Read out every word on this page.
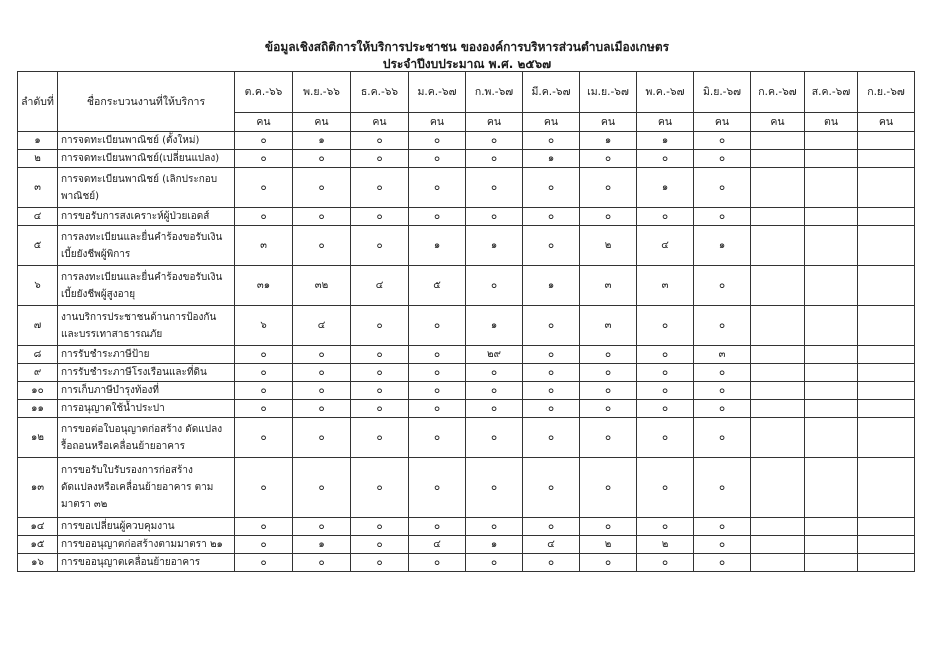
ข้อมูลเชิงสถิติการให้บริการประชาชน ขององค์การบริหารส่วนตำบลเมืองเกษตร
ประจำปีงบประมาณ พ.ศ. ๒๕๖๗
ลำดับที่	ชื่อกระบวนงานที่ให้บริการ	ต.ค.-๖๖	พ.ย.-๖๖	ธ.ค.-๖๖	ม.ค.-๖๗	ก.พ.-๖๗	มี.ค.-๖๗	เม.ย.-๖๗	พ.ค.-๖๗	มิ.ย.-๖๗	ก.ค.-๖๗	ส.ค.-๖๗	ก.ย.-๖๗
		คน	คน	คน	คน	คน	คน	คน	คน	คน	คน	ตน	คน
๑	การจดทะเบียนพาณิชย์ (ตั้งใหม่)	๐	๑	๐	๐	๐	๐	๑	๑	๐			
๒	การจดทะเบียนพาณิชย์(เปลี่ยนแปลง)	๐	๐	๐	๐	๐	๑	๐	๐	๐			
๓	การจดทะเบียนพาณิชย์ (เลิกประกอบพาณิชย์)	๐	๐	๐	๐	๐	๐	๐	๑	๐			
๔	การขอรับการสงเคราะห์ผู้ป่วยเอดส์	๐	๐	๐	๐	๐	๐	๐	๐	๐			
๕	การลงทะเบียนและยื่นคำร้องขอรับเงินเบี้ยยังชีพผู้พิการ	๓	๐	๐	๑	๑	๐	๒	๔	๑			
๖	การลงทะเบียนและยื่นคำร้องขอรับเงินเบี้ยยังชีพผู้สูงอายุ	๓๑	๓๒	๔	๕	๐	๑	๓	๓	๐			
๗	งานบริการประชาชนด้านการป้องกันและบรรเทาสาธารณภัย	๖	๔	๐	๐	๑	๐	๓	๐	๐			
๘	การรับชำระภาษีป้าย	๐	๐	๐	๐	๒๙	๐	๐	๐	๓			
๙	การรับชำระภาษีโรงเรือนและที่ดิน	๐	๐	๐	๐	๐	๐	๐	๐	๐			
๑๐	การเก็บภาษีบำรุงท้องที่	๐	๐	๐	๐	๐	๐	๐	๐	๐			
๑๑	การอนุญาตใช้น้ำประปา	๐	๐	๐	๐	๐	๐	๐	๐	๐			
๑๒	การขอต่อใบอนุญาตก่อสร้าง ดัดแปลง รื้อถอนหรือเคลื่อนย้ายอาคาร	๐	๐	๐	๐	๐	๐	๐	๐	๐			
๑๓	การขอรับใบรับรองการก่อสร้าง ดัดแปลงหรือเคลื่อนย้ายอาคาร ตามมาตรา ๓๒	๐	๐	๐	๐	๐	๐	๐	๐	๐			
๑๔	การขอเปลี่ยนผู้ควบคุมงาน	๐	๐	๐	๐	๐	๐	๐	๐	๐			
๑๕	การขออนุญาตก่อสร้างตามมาตรา ๒๑	๐	๑	๐	๔	๑	๔	๒	๒	๐			
๑๖	การขออนุญาตเคลื่อนย้ายอาคาร	๐	๐	๐	๐	๐	๐	๐	๐	๐			
